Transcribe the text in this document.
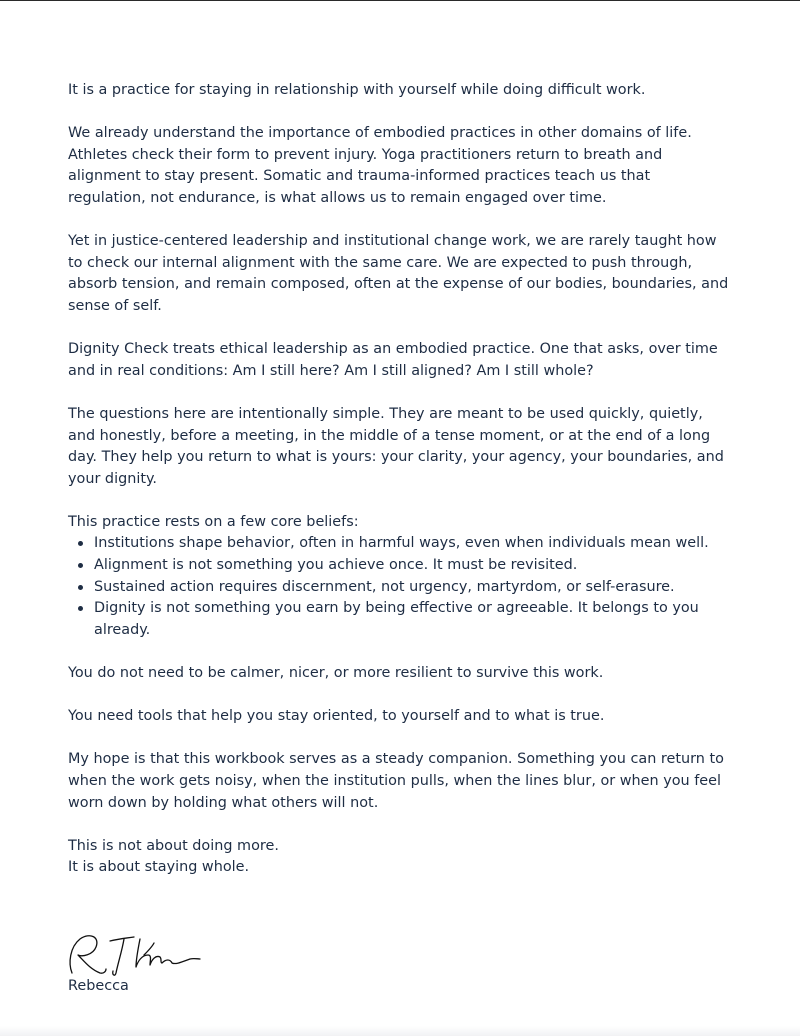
It is a practice for staying in relationship with yourself while doing difficult work.

We already understand the importance of embodied practices in other domains of life. Athletes check their form to prevent injury. Yoga practitioners return to breath and alignment to stay present. Somatic and trauma-informed practices teach us that regulation, not endurance, is what allows us to remain engaged over time.

Yet in justice-centered leadership and institutional change work, we are rarely taught how to check our internal alignment with the same care. We are expected to push through, absorb tension, and remain composed, often at the expense of our bodies, boundaries, and sense of self.

Dignity Check treats ethical leadership as an embodied practice. One that asks, over time and in real conditions: Am I still here? Am I still aligned? Am I still whole?

The questions here are intentionally simple. They are meant to be used quickly, quietly, and honestly, before a meeting, in the middle of a tense moment, or at the end of a long day. They help you return to what is yours: your clarity, your agency, your boundaries, and your dignity.

This practice rests on a few core beliefs:

Institutions shape behavior, often in harmful ways, even when individuals mean well.
Alignment is not something you achieve once. It must be revisited.
Sustained action requires discernment, not urgency, martyrdom, or self-erasure.
Dignity is not something you earn by being effective or agreeable. It belongs to you already.

You do not need to be calmer, nicer, or more resilient to survive this work.

You need tools that help you stay oriented, to yourself and to what is true.

My hope is that this workbook serves as a steady companion. Something you can return to when the work gets noisy, when the institution pulls, when the lines blur, or when you feel worn down by holding what others will not.

This is not about doing more.

It is about staying whole.

Rebecca
